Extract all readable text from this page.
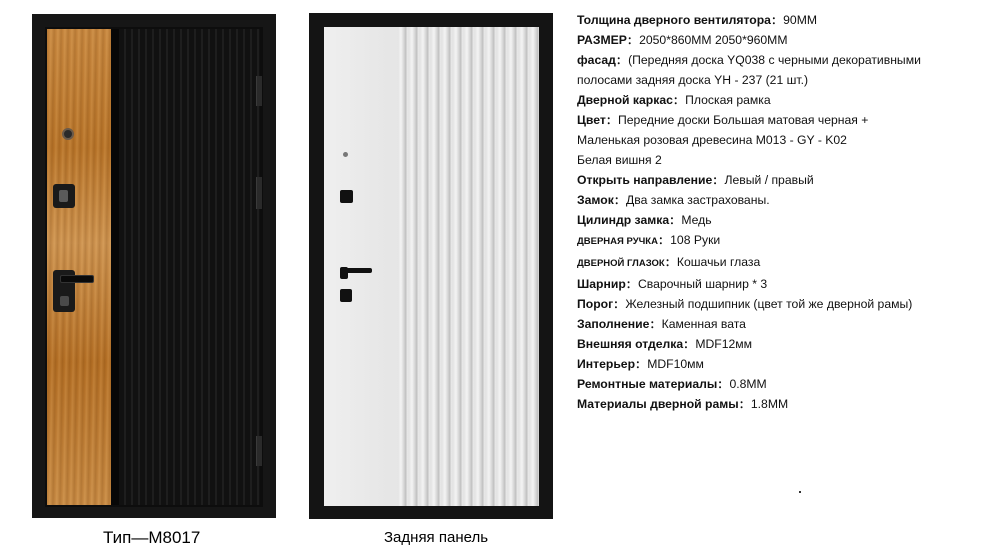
Тип—M8017	Задняя панель
Толщина дверного вентилятора：90MM
РАЗМЕР：2050*860MM 2050*960MM
фасад：(Передняя доска YQ038 с черными декоративными
полосами задняя доска YH - 237 (21 шт.)
Дверной каркас：Плоская рамка
Цвет：Передние доски Большая матовая черная +
Маленькая розовая древесина M013 - GY - K02
Белая вишня 2
Открыть направление：Левый / правый
Замок：Два замка застрахованы.
Цилиндр замка：Медь
ДВЕРНАЯ РУЧКА：108 Руки
ДВЕРНОЙ ГЛАЗОК：Кошачьи глаза
Шарнир：Сварочный шарнир * 3
Порог：Железный подшипник (цвет той же дверной рамы)
Заполнение：Каменная вата
Внешняя отделка：MDF12мм
Интерьер：MDF10мм
Ремонтные материалы：0.8MM
Материалы дверной рамы：1.8MM
